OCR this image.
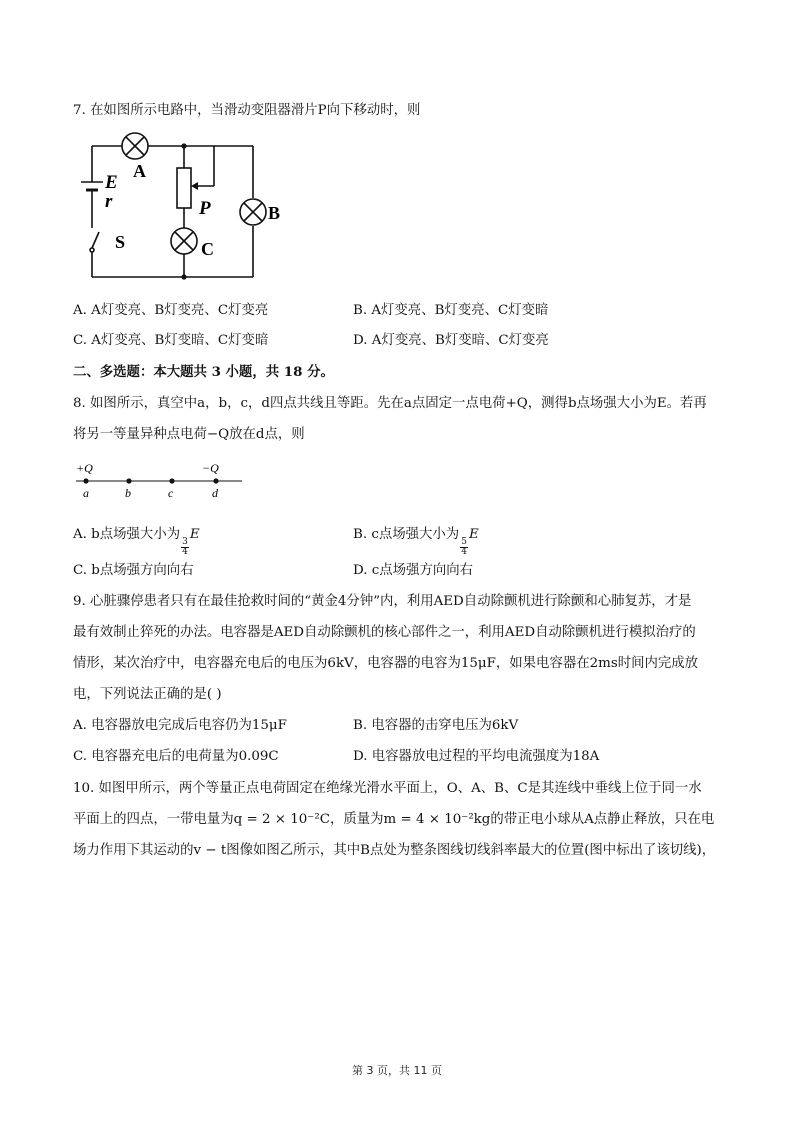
7. 在如图所示电路中，当滑动变阻器滑片P向下移动时，则
A
E
r	P	B
C
S
A. A灯变亮、B灯变亮、C灯变亮	B. A灯变亮、B灯变亮、C灯变暗
C. A灯变亮、B灯变暗、C灯变暗	D. A灯变亮、B灯变暗、C灯变亮
二、多选题：本大题共 3 小题，共 18 分。
8. 如图所示，真空中a，b，c，d四点共线且等距。先在a点固定一点电荷+Q，测得b点场强大小为E。若再
将另一等量异种点电荷−Q放在d点，则
+Q	−Q
a	b	c	d
A. b点场强大小为
$\frac{3}{4}$
E	B. c点场强大小为
$\frac{5}{4}$
E
C. b点场强方向向右	D. c点场强方向向右
9. 心脏骤停患者只有在最佳抢救时间的“黄金4分钟”内，利用AED自动除颤机进行除颤和心肺复苏，才是
最有效制止猝死的办法。电容器是AED自动除颤机的核心部件之一，利用AED自动除颤机进行模拟治疗的
情形，某次治疗中，电容器充电后的电压为6kV，电容器的电容为15μF，如果电容器在2ms时间内完成放
电，下列说法正确的是( )
A. 电容器放电完成后电容仍为15μF	B. 电容器的击穿电压为6kV
C. 电容器充电后的电荷量为0.09C	D. 电容器放电过程的平均电流强度为18A
10. 如图甲所示，两个等量正点电荷固定在绝缘光滑水平面上，O、A、B、C是其连线中垂线上位于同一水
平面上的四点，一带电量为q = 2 × 10⁻²C，质量为m = 4 × 10⁻²kg的带正电小球从A点静止释放，只在电
场力作用下其运动的v − t图像如图乙所示，其中B点处为整条图线切线斜率最大的位置(图中标出了该切线)，
第 3 页，共 11 页
